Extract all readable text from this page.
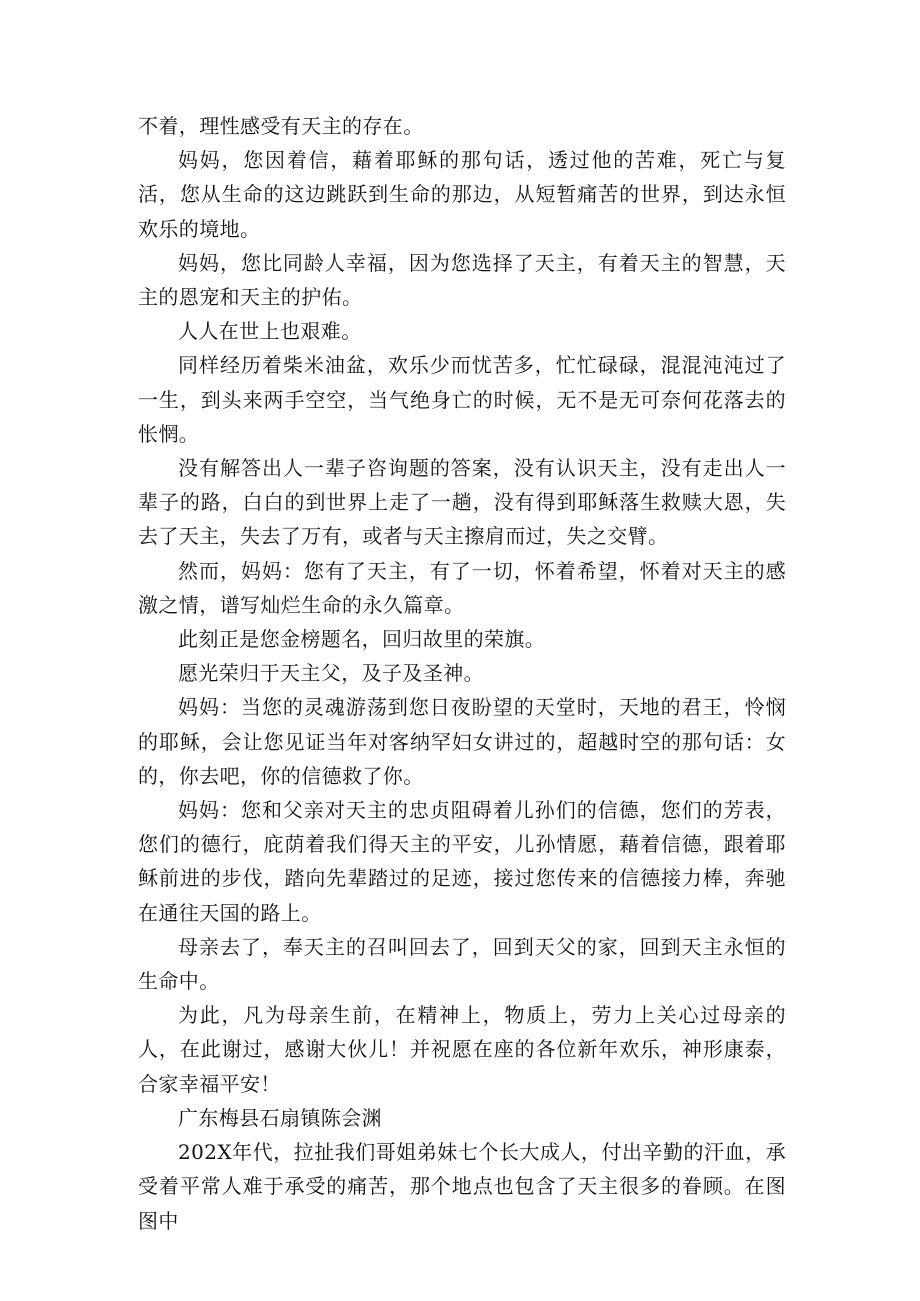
不着，理性感受有天主的存在。

妈妈，您因着信，藉着耶稣的那句话，透过他的苦难，死亡与复活，您从生命的这边跳跃到生命的那边，从短暂痛苦的世界，到达永恒欢乐的境地。

妈妈，您比同龄人幸福，因为您选择了天主，有着天主的智慧，天主的恩宠和天主的护佑。

人人在世上也艰难。

同样经历着柴米油盆，欢乐少而忧苦多，忙忙碌碌，混混沌沌过了一生，到头来两手空空，当气绝身亡的时候，无不是无可奈何花落去的怅惘。

没有解答出人一辈子咨询题的答案，没有认识天主，没有走出人一辈子的路，白白的到世界上走了一趟，没有得到耶稣落生救赎大恩，失去了天主，失去了万有，或者与天主擦肩而过，失之交臂。

然而，妈妈：您有了天主，有了一切，怀着希望，怀着对天主的感激之情，谱写灿烂生命的永久篇章。

此刻正是您金榜题名，回归故里的荣旗。

愿光荣归于天主父，及子及圣神。

妈妈：当您的灵魂游荡到您日夜盼望的天堂时，天地的君王，怜悯的耶稣，会让您见证当年对客纳罕妇女讲过的，超越时空的那句话：女的，你去吧，你的信德救了你。

妈妈：您和父亲对天主的忠贞阻碍着儿孙们的信德，您们的芳表，您们的德行，庇荫着我们得天主的平安，儿孙情愿，藉着信德，跟着耶稣前进的步伐，踏向先辈踏过的足迹，接过您传来的信德接力棒，奔驰在通往天国的路上。

母亲去了，奉天主的召叫回去了，回到天父的家，回到天主永恒的生命中。

为此，凡为母亲生前，在精神上，物质上，劳力上关心过母亲的人，在此谢过，感谢大伙儿！并祝愿在座的各位新年欢乐，神形康泰，合家幸福平安！

广东梅县石扇镇陈会渊

202X年代，拉扯我们哥姐弟妹七个长大成人，付出辛勤的汗血，承受着平常人难于承受的痛苦，那个地点也包含了天主很多的眷顾。在图图中
